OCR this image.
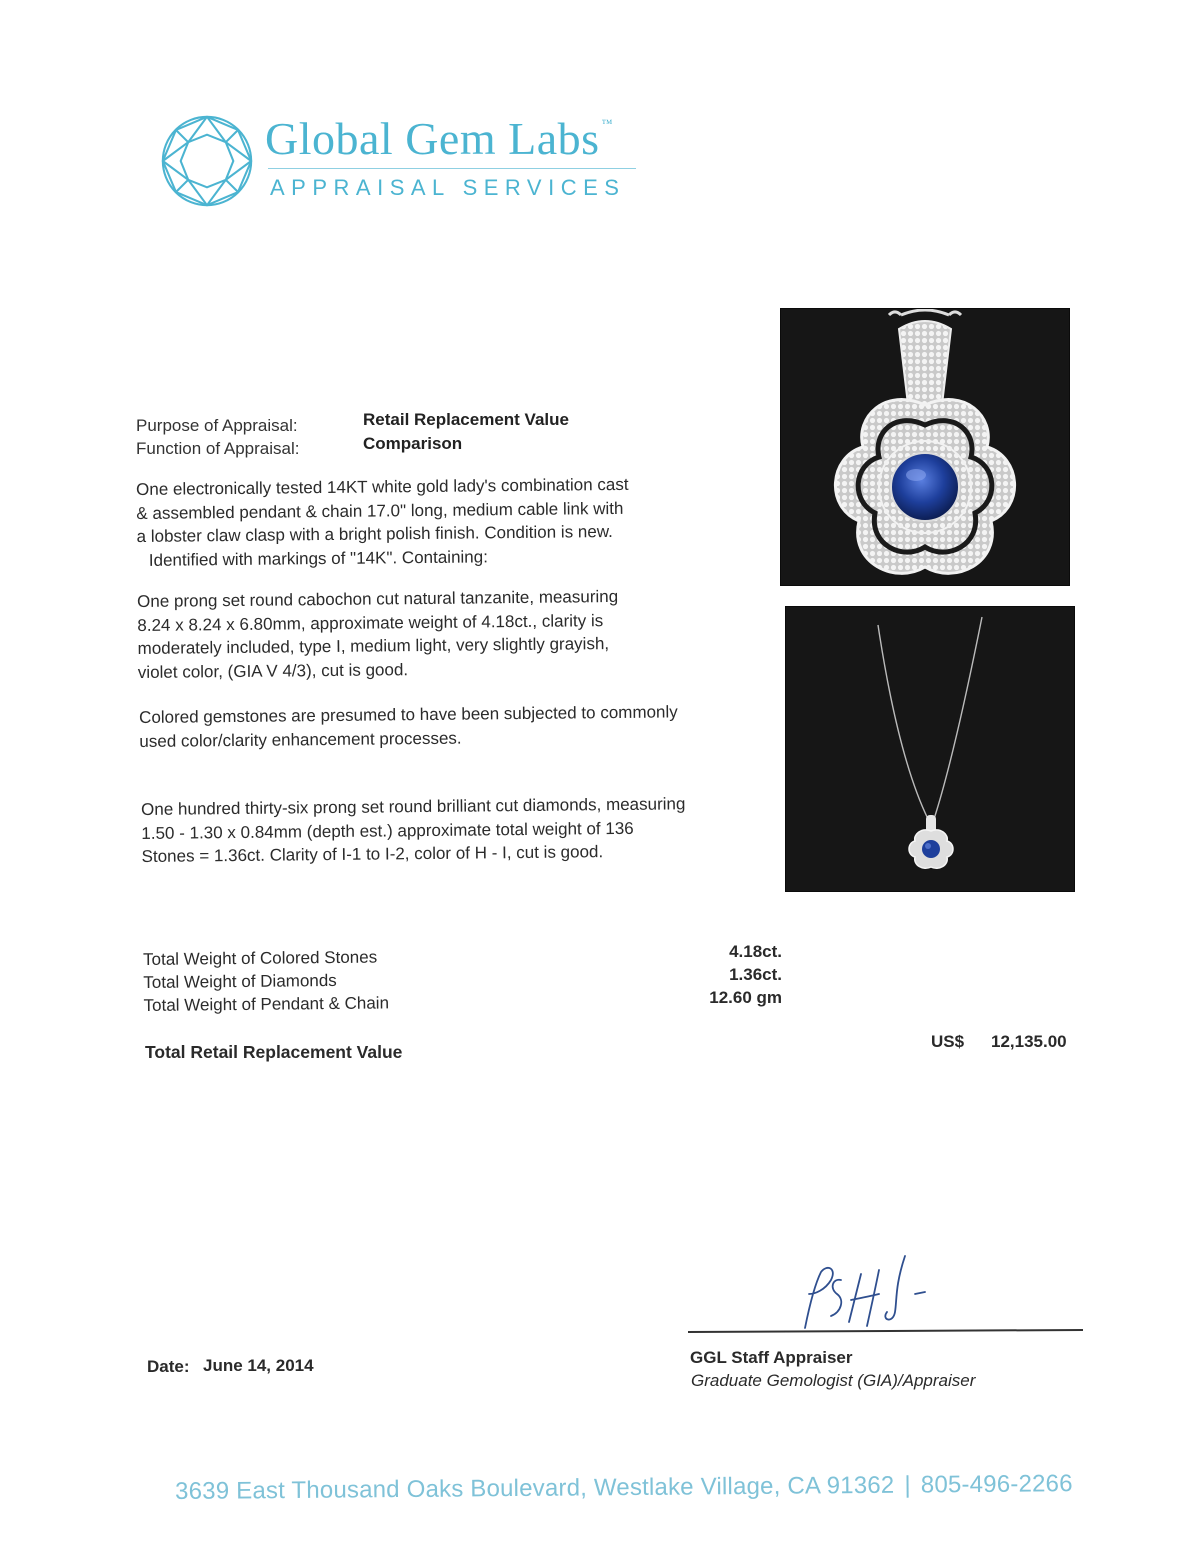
Global Gem Labs ™
APPRAISAL SERVICES
Purpose of Appraisal:	Retail Replacement Value
Function of Appraisal:	Comparison
One electronically tested 14KT white gold lady's combination cast
& assembled pendant & chain 17.0" long, medium cable link with
a lobster claw clasp with a bright polish finish. Condition is new.
Identified with markings of "14K". Containing:
One prong set round cabochon cut natural tanzanite, measuring
8.24 x 8.24 x 6.80mm, approximate weight of 4.18ct., clarity is
moderately included, type I, medium light, very slightly grayish,
violet color, (GIA V 4/3), cut is good.
Colored gemstones are presumed to have been subjected to commonly
used color/clarity enhancement processes.
One hundred thirty-six prong set round brilliant cut diamonds, measuring
1.50 - 1.30 x 0.84mm (depth est.) approximate total weight of 136
Stones = 1.36ct. Clarity of I-1 to I-2, color of H - I, cut is good.
Total Weight of Colored Stones
Total Weight of Diamonds
Total Weight of Pendant & Chain
4.18ct.
1.36ct.
12.60 gm
Total Retail Replacement Value
US$ 12,135.00
GGL Staff Appraiser
Graduate Gemologist (GIA)/Appraiser
Date: June 14, 2014
3639 East Thousand Oaks Boulevard, Westlake Village, CA 91362 | 805-496-2266
